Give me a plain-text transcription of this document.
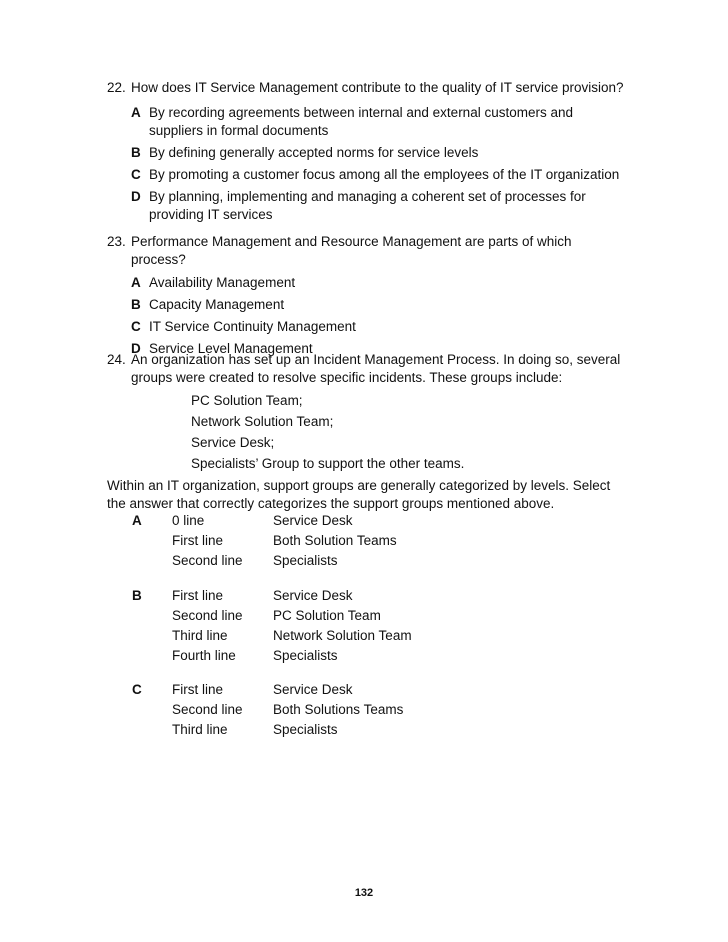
22. How does IT Service Management contribute to the quality of IT service provision?
A By recording agreements between internal and external customers and suppliers in formal documents
B By defining generally accepted norms for service levels
C By promoting a customer focus among all the employees of the IT organization
D By planning, implementing and managing a coherent set of processes for providing IT services
23. Performance Management and Resource Management are parts of which process?
A Availability Management
B Capacity Management
C IT Service Continuity Management
D Service Level Management
24. An organization has set up an Incident Management Process. In doing so, several groups were created to resolve specific incidents. These groups include:
PC Solution Team;
Network Solution Team;
Service Desk;
Specialists’ Group to support the other teams.
Within an IT organization, support groups are generally categorized by levels. Select the answer that correctly categorizes the support groups mentioned above.
A	0 line	Service Desk
First line	Both Solution Teams
Second line	Specialists
B	First line	Service Desk
Second line	PC Solution Team
Third line	Network Solution Team
Fourth line	Specialists
C	First line	Service Desk
Second line	Both Solutions Teams
Third line	Specialists
132
